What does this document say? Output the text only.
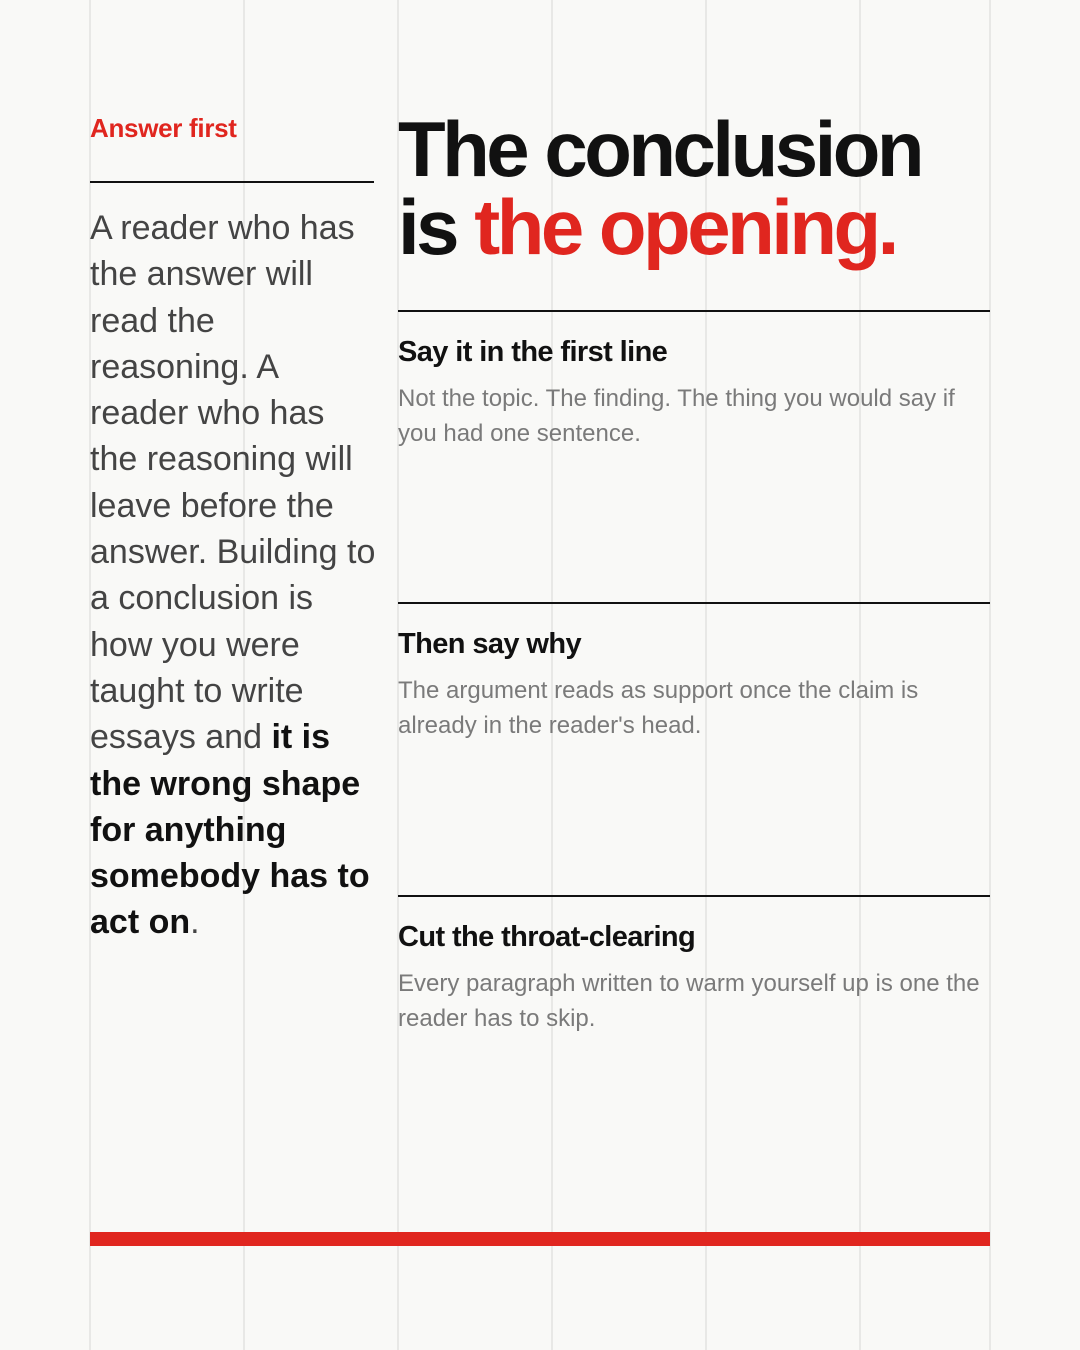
Answer first

A reader who has the answer will read the reasoning. A reader who has the reasoning will leave before the answer. Building to a conclusion is how you were taught to write essays and it is the wrong shape for anything somebody has to act on.

The conclusion
is the opening.
Say it in the first line

Not the topic. The finding. The thing you would say if you had one sentence.

Then say why

The argument reads as support once the claim is already in the reader's head.

Cut the throat-clearing

Every paragraph written to warm yourself up is one the reader has to skip.
